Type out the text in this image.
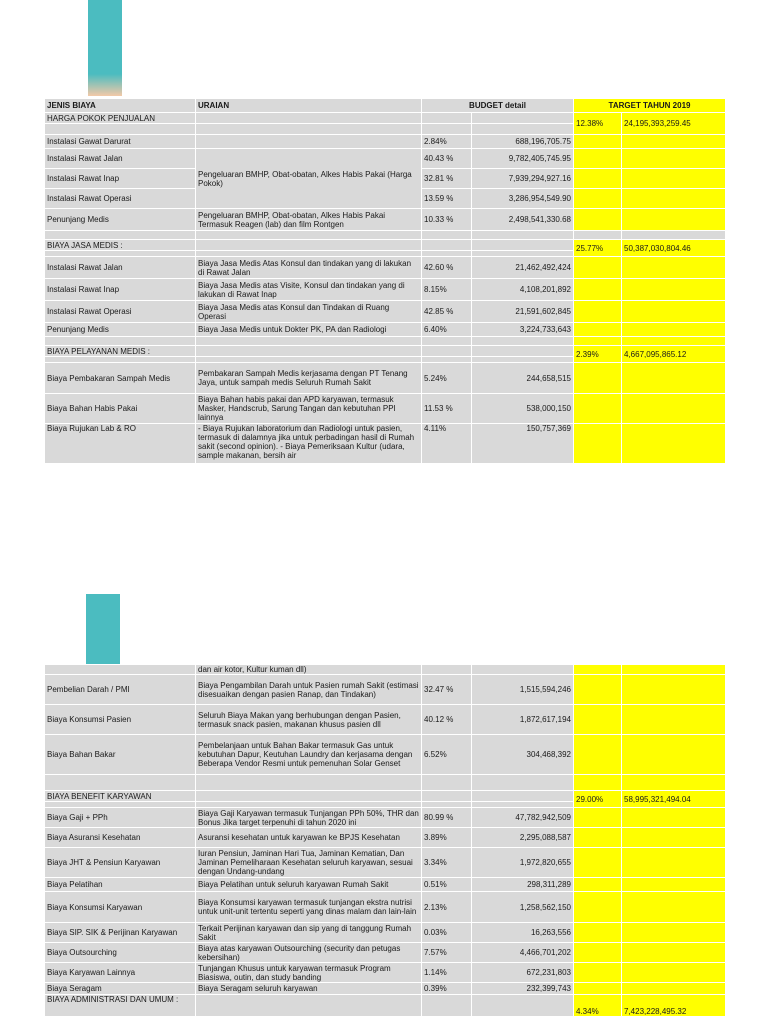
JENIS BIAYA	URAIAN	BUDGET detail		TARGET TAHUN 2019	
HARGA POKOK PENJUALAN				12.38%	24,195,393,259.45

Instalasi Gawat Darurat		2.84%	688,196,705.75		
Instalasi Rawat Jalan	Pengeluaran BMHP, Obat-obatan, Alkes Habis Pakai (Harga Pokok)	40.43 %	9,782,405,745.95		
Instalasi Rawat Inap		32.81 %	7,939,294,927.16		
Instalasi Rawat Operasi		13.59 %	3,286,954,549.90		
Penunjang Medis	Pengeluaran BMHP, Obat-obatan, Alkes Habis Pakai Termasuk Reagen (lab) dan film Rontgen	10.33 %	2,498,541,330.68		

BIAYA JASA MEDIS :				25.77%	50,387,030,804.46

Instalasi Rawat Jalan	Biaya Jasa Medis Atas Konsul dan tindakan yang di lakukan di Rawat Jalan	42.60 %	21,462,492,424		
Instalasi Rawat Inap	Biaya Jasa Medis atas Visite, Konsul dan tindakan yang di lakukan di Rawat Inap	8.15%	4,108,201,892		
Instalasi Rawat Operasi	Biaya Jasa Medis atas Konsul dan Tindakan di Ruang Operasi	42.85 %	21,591,602,845		
Penunjang Medis	Biaya Jasa Medis untuk Dokter PK, PA dan Radiologi	6.40%	3,224,733,643		

BIAYA PELAYANAN MEDIS :				2.39%	4,667,095,865.12

Biaya Pembakaran Sampah Medis	Pembakaran Sampah Medis kerjasama dengan PT Tenang Jaya, untuk sampah medis Seluruh Rumah Sakit	5.24%	244,658,515		
Biaya Bahan Habis Pakai	Biaya Bahan habis pakai dan APD karyawan, termasuk Masker, Handscrub, Sarung Tangan dan kebutuhan PPI lainnya	11.53 %	538,000,150		
Biaya Rujukan Lab & RO	- Biaya Rujukan laboratorium dan Radiologi untuk pasien, termasuk di dalamnya jika untuk perbadingan hasil di Rumah sakit (second opinion). - Biaya Pemeriksaan Kultur (udara, sample makanan, bersih air	4.11%	150,757,369		
	dan air kotor, Kultur kuman dll)				
Pembelian Darah / PMI	Biaya Pengambilan Darah untuk Pasien rumah Sakit (estimasi disesuaikan dengan pasien Ranap, dan Tindakan)	32.47 %	1,515,594,246		
Biaya Konsumsi Pasien	Seluruh Biaya Makan yang berhubungan dengan Pasien, termasuk snack pasien, makanan khusus pasien dll	40.12 %	1,872,617,194		
Biaya Bahan Bakar	Pembelanjaan untuk Bahan Bakar termasuk Gas untuk kebutuhan Dapur, Keutuhan Laundry dan kerjasama dengan Beberapa Vendor Resmi untuk pemenuhan Solar Genset	6.52%	304,468,392		

BIAYA BENEFIT KARYAWAN				29.00%	58,995,321,494.04

Biaya Gaji + PPh	Biaya Gaji Karyawan termasuk Tunjangan PPh 50%, THR dan Bonus Jika target terpenuhi di tahun 2020 ini	80.99 %	47,782,942,509		
Biaya Asuransi Kesehatan	Asuransi kesehatan untuk karyawan ke BPJS Kesehatan	3.89%	2,295,088,587		
Biaya JHT & Pensiun Karyawan	Iuran Pensiun, Jaminan Hari Tua, Jaminan Kematian, Dan Jaminan Pemeliharaan Kesehatan seluruh karyawan, sesuai dengan Undang-undang	3.34%	1,972,820,655		
Biaya Pelatihan	Biaya Pelatihan untuk seluruh karyawan Rumah Sakit	0.51%	298,311,289		
Biaya Konsumsi Karyawan	Biaya Konsumsi karyawan termasuk tunjangan ekstra nutrisi untuk unit-unit tertentu seperti yang dinas malam dan lain-lain	2.13%	1,258,562,150		
Biaya SIP. SIK & Perijinan Karyawan	Terkait Perijinan karyawan dan sip yang di tanggung Rumah Sakit	0.03%	16,263,556		
Biaya Outsourching	Biaya atas karyawan Outsourching (security dan petugas kebersihan)	7.57%	4,466,701,202		
Biaya Karyawan Lainnya	Tunjangan Khusus untuk karyawan termasuk Program Biasiswa, outin, dan study banding	1.14%	672,231,803		
Biaya Seragam	Biaya Seragam seluruh karyawan	0.39%	232,399,743		
BIAYA ADMINISTRASI DAN UMUM :				4.34%	7,423,228,495.32
